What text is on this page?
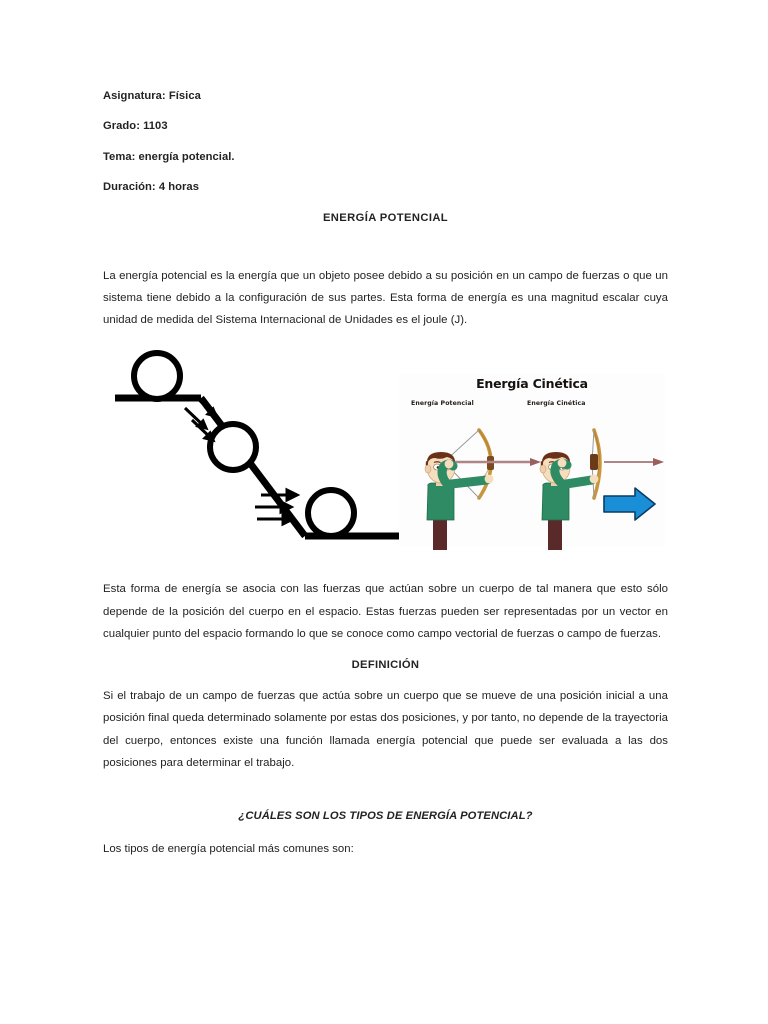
Asignatura: Física
Grado: 1103
Tema: energía potencial.
Duración: 4 horas
ENERGÍA POTENCIAL
La energía potencial es la energía que un objeto posee debido a su posición en un campo de fuerzas o que un sistema tiene debido a la configuración de sus partes. Esta forma de energía es una magnitud escalar cuya unidad de medida del Sistema Internacional de Unidades es el joule (J).
Energía Cinética
Energía Potencial	Energía Cinética
Esta forma de energía se asocia con las fuerzas que actúan sobre un cuerpo de tal manera que esto sólo depende de la posición del cuerpo en el espacio. Estas fuerzas pueden ser representadas por un vector en cualquier punto del espacio formando lo que se conoce como campo vectorial de fuerzas o campo de fuerzas.
DEFINICIÓN
Si el trabajo de un campo de fuerzas que actúa sobre un cuerpo que se mueve de una posición inicial a una posición final queda determinado solamente por estas dos posiciones, y por tanto, no depende de la trayectoria del cuerpo, entonces existe una función llamada energía potencial que puede ser evaluada a las dos posiciones para determinar el trabajo.
¿CUÁLES SON LOS TIPOS DE ENERGÍA POTENCIAL?
Los tipos de energía potencial más comunes son:
